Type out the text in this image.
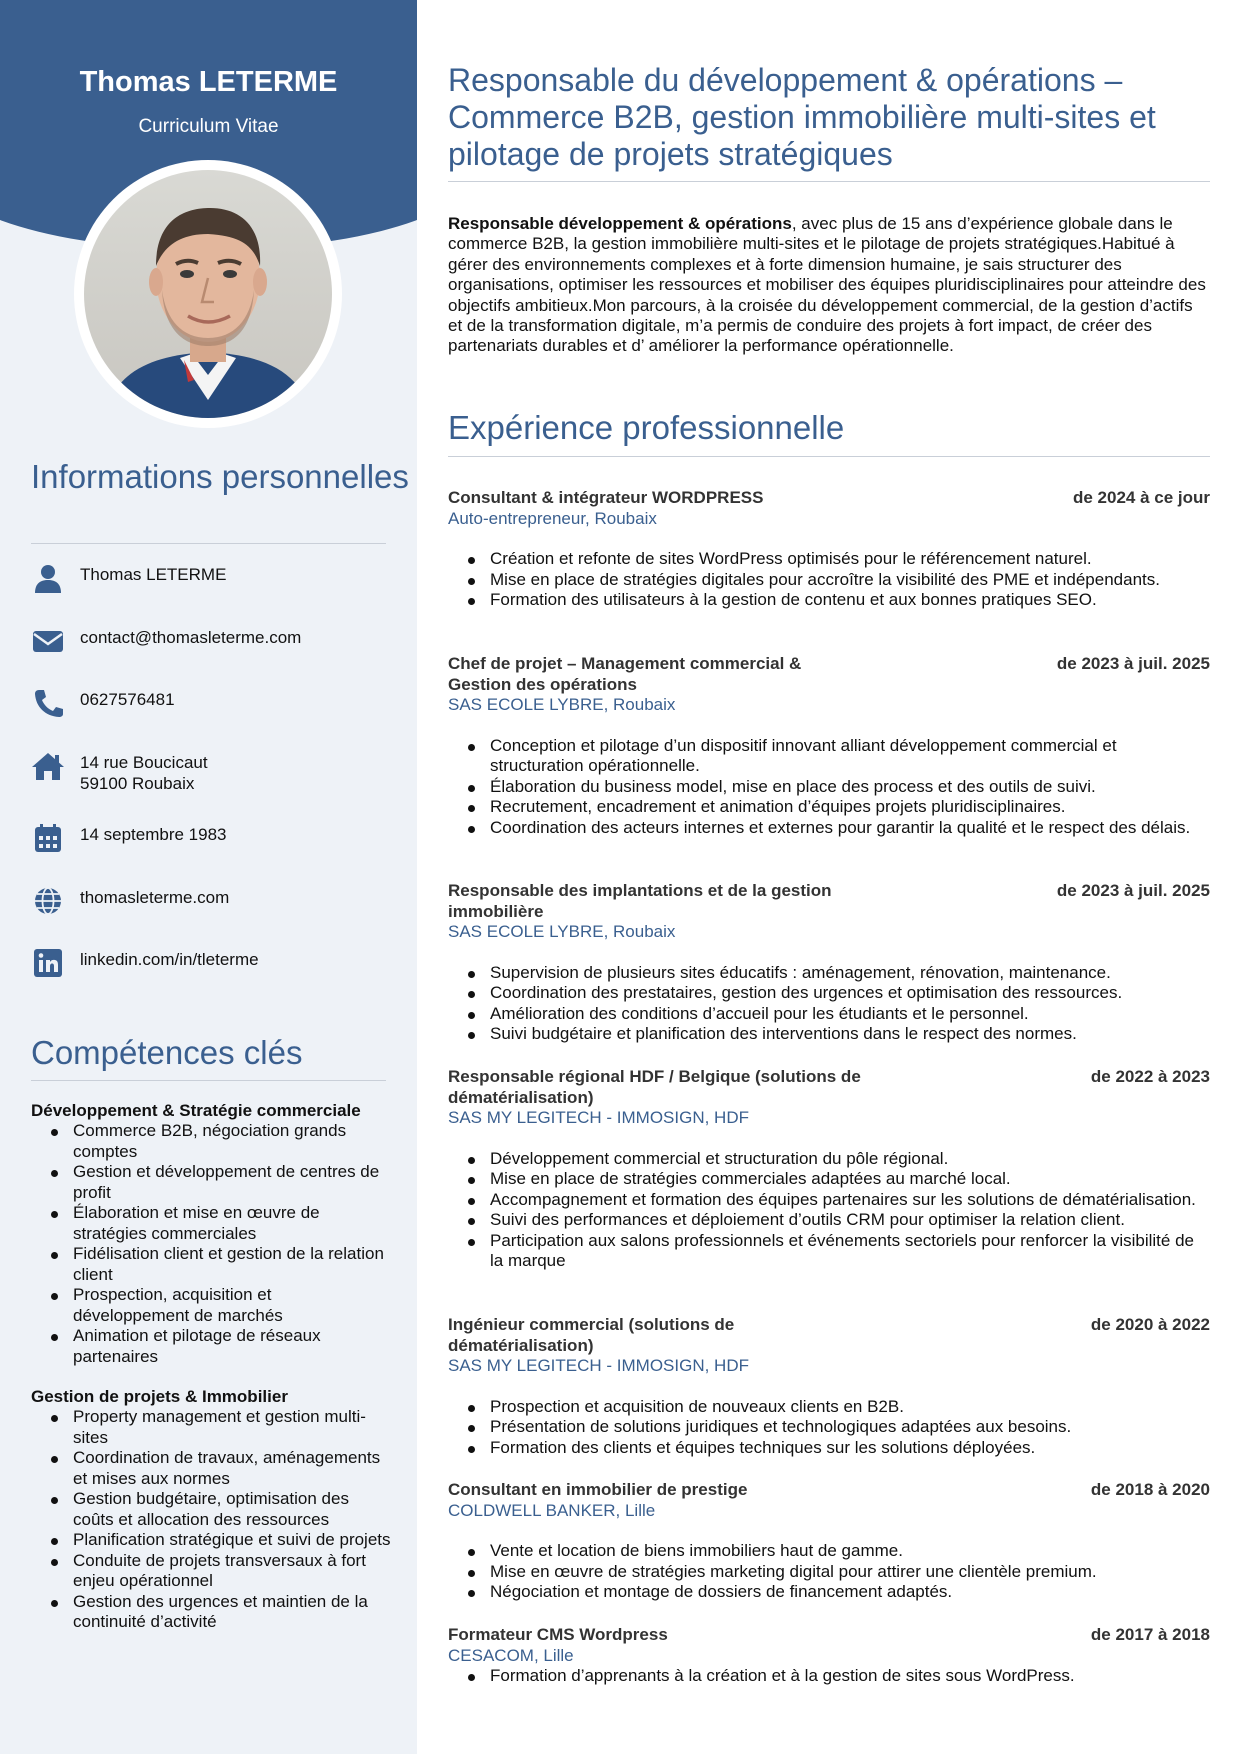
Thomas LETERME
Curriculum Vitae
Informations personnelles
Thomas LETERME
contact@thomasleterme.com
0627576481
14 rue Boucicaut
59100 Roubaix
14 septembre 1983
thomasleterme.com
linkedin.com/in/tleterme
Compétences clés
Développement & Stratégie commerciale
Commerce B2B, négociation grands comptes
Gestion et développement de centres de profit
Élaboration et mise en œuvre de stratégies commerciales
Fidélisation client et gestion de la relation client
Prospection, acquisition et développement de marchés
Animation et pilotage de réseaux partenaires
Gestion de projets & Immobilier
Property management et gestion multi-sites
Coordination de travaux, aménagements et mises aux normes
Gestion budgétaire, optimisation des coûts et allocation des ressources
Planification stratégique et suivi de projets
Conduite de projets transversaux à fort enjeu opérationnel
Gestion des urgences et maintien de la continuité d’activité
Responsable du développement & opérations – Commerce B2B, gestion immobilière multi-sites et pilotage de projets stratégiques
Responsable développement & opérations, avec plus de 15 ans d’expérience globale dans le commerce B2B, la gestion immobilière multi-sites et le pilotage de projets stratégiques.Habitué à gérer des environnements complexes et à forte dimension humaine, je sais structurer des organisations, optimiser les ressources et mobiliser des équipes pluridisciplinaires pour atteindre des objectifs ambitieux.Mon parcours, à la croisée du développement commercial, de la gestion d’actifs et de la transformation digitale, m’a permis de conduire des projets à fort impact, de créer des partenariats durables et d’ améliorer la performance opérationnelle.
Expérience professionnelle
Consultant & intégrateur WORDPRESS	de 2024 à ce jour
Auto-entrepreneur, Roubaix
Création et refonte de sites WordPress optimisés pour le référencement naturel.
Mise en place de stratégies digitales pour accroître la visibilité des PME et indépendants.
Formation des utilisateurs à la gestion de contenu et aux bonnes pratiques SEO.
Chef de projet – Management commercial & Gestion des opérations
de 2023 à juil. 2025
SAS ECOLE LYBRE, Roubaix
Conception et pilotage d’un dispositif innovant alliant développement commercial et structuration opérationnelle.
Élaboration du business model, mise en place des process et des outils de suivi.
Recrutement, encadrement et animation d’équipes projets pluridisciplinaires.
Coordination des acteurs internes et externes pour garantir la qualité et le respect des délais.
Responsable des implantations et de la gestion immobilière
de 2023 à juil. 2025
SAS ECOLE LYBRE, Roubaix
Supervision de plusieurs sites éducatifs : aménagement, rénovation, maintenance.
Coordination des prestataires, gestion des urgences et optimisation des ressources.
Amélioration des conditions d’accueil pour les étudiants et le personnel.
Suivi budgétaire et planification des interventions dans le respect des normes.
Responsable régional HDF / Belgique (solutions de dématérialisation)
de 2022 à 2023
SAS MY LEGITECH - IMMOSIGN, HDF
Développement commercial et structuration du pôle régional.
Mise en place de stratégies commerciales adaptées au marché local.
Accompagnement et formation des équipes partenaires sur les solutions de dématérialisation.
Suivi des performances et déploiement d’outils CRM pour optimiser la relation client.
Participation aux salons professionnels et événements sectoriels pour renforcer la visibilité de la marque
Ingénieur commercial (solutions de dématérialisation)
de 2020 à 2022
SAS MY LEGITECH - IMMOSIGN, HDF
Prospection et acquisition de nouveaux clients en B2B.
Présentation de solutions juridiques et technologiques adaptées aux besoins.
Formation des clients et équipes techniques sur les solutions déployées.
Consultant en immobilier de prestige	de 2018 à 2020
COLDWELL BANKER, Lille
Vente et location de biens immobiliers haut de gamme.
Mise en œuvre de stratégies marketing digital pour attirer une clientèle premium.
Négociation et montage de dossiers de financement adaptés.
Formateur CMS Wordpress	de 2017 à 2018
CESACOM, Lille
Formation d’apprenants à la création et à la gestion de sites sous WordPress.
